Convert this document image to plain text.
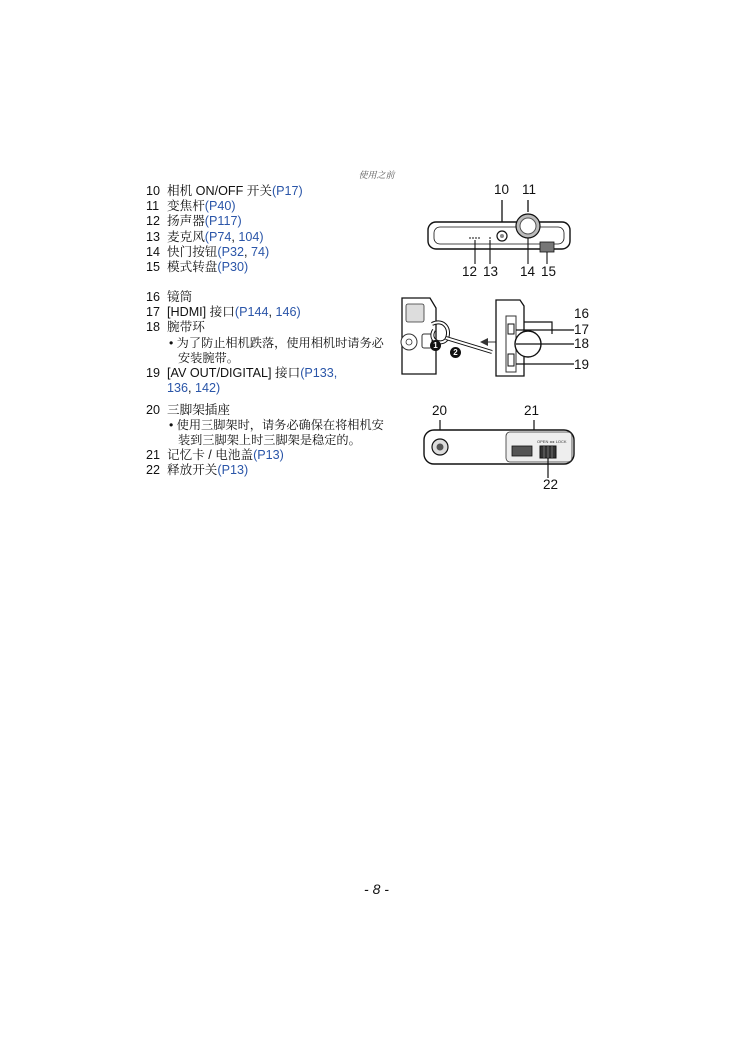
使用之前
10 相机 ON/OFF 开关 (P17)
11 变焦杆 (P40)
12 扬声器 (P117)
13 麦克风 (P74 , 104)
14 快门按钮 (P32 , 74)
15 模式转盘 (P30)
16 镜筒
17 [HDMI] 接口 (P144 , 146)
18 腕带环
• 为了防止相机跌落，使用相机时请务必安装腕带。
19 [AV OUT/DIGITAL] 接口 (P133,
136 , 142)
20 三脚架插座
• 使用三脚架时，请务必确保在将相机安装到三脚架上时三脚架是稳定的。
21 记忆卡 / 电池盖 (P13)
22 释放开关 (P13)
10 11
12 13 14 15
1
2
16
17
18
19
20	21
OPEN ◂ ▸ LOCK
22
- 8 -
